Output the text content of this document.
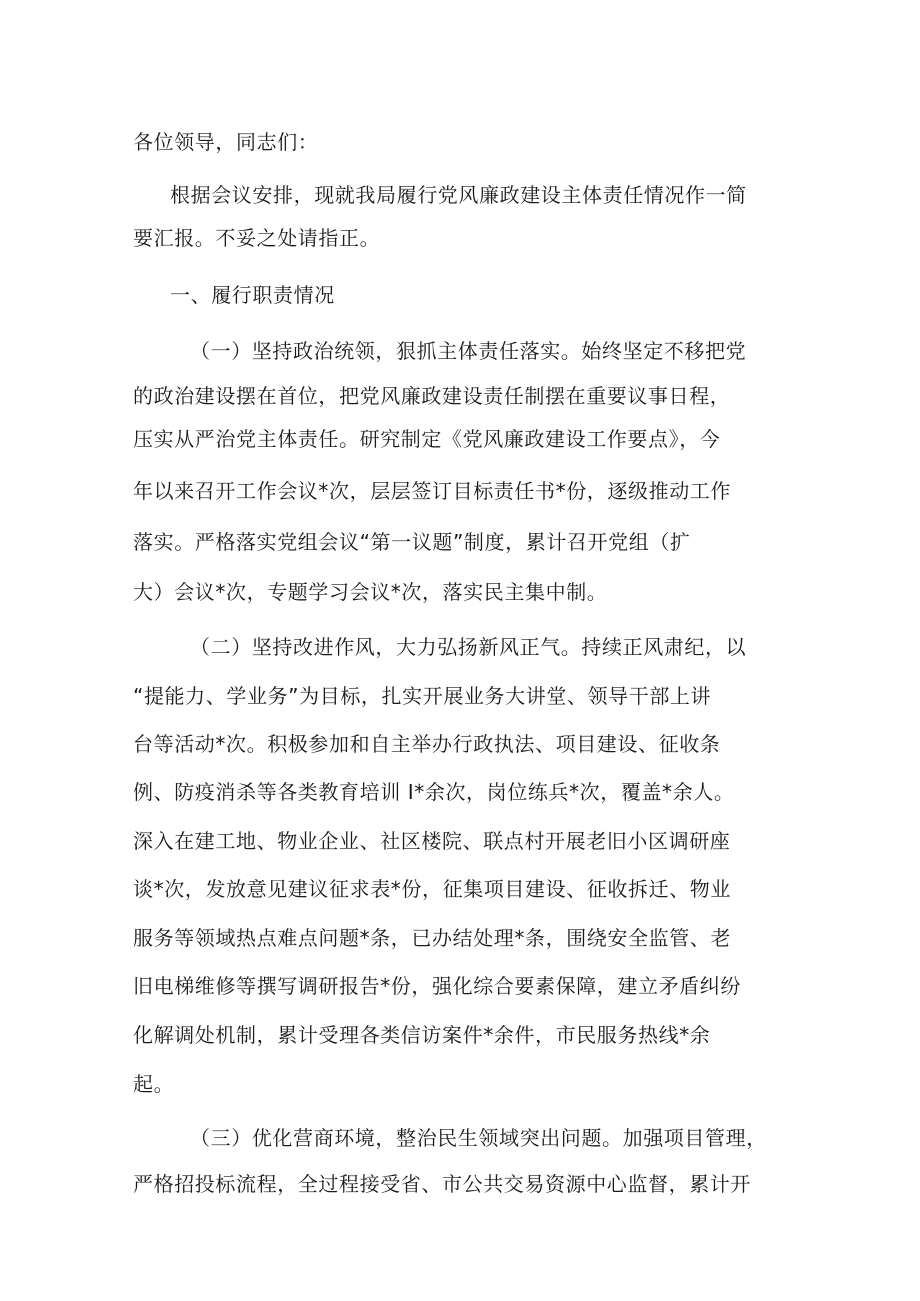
各位领导，同志们：
根据会议安排，现就我局履行党风廉政建设主体责任情况作一简
要汇报。不妥之处请指正。
一、履行职责情况
（一）坚持政治统领，狠抓主体责任落实。始终坚定不移把党
的政治建设摆在首位，把党风廉政建设责任制摆在重要议事日程，
压实从严治党主体责任。研究制定《党风廉政建设工作要点》，今
年以来召开工作会议*次，层层签订目标责任书*份，逐级推动工作
落实。严格落实党组会议“第一议题”制度，累计召开党组（扩
大）会议*次，专题学习会议*次，落实民主集中制。
（二）坚持改进作风，大力弘扬新风正气。持续正风肃纪，以
“提能力、学业务”为目标，扎实开展业务大讲堂、领导干部上讲
台等活动*次。积极参加和自主举办行政执法、项目建设、征收条
例、防疫消杀等各类教育培训 I*余次，岗位练兵*次，覆盖*余人。
深入在建工地、物业企业、社区楼院、联点村开展老旧小区调研座
谈*次，发放意见建议征求表*份，征集项目建设、征收拆迁、物业
服务等领域热点难点问题*条，已办结处理*条，围绕安全监管、老
旧电梯维修等撰写调研报告*份，强化综合要素保障，建立矛盾纠纷
化解调处机制，累计受理各类信访案件*余件，市民服务热线*余
起。
（三）优化营商环境，整治民生领域突出问题。加强项目管理，
严格招投标流程，全过程接受省、市公共交易资源中心监督，累计开
